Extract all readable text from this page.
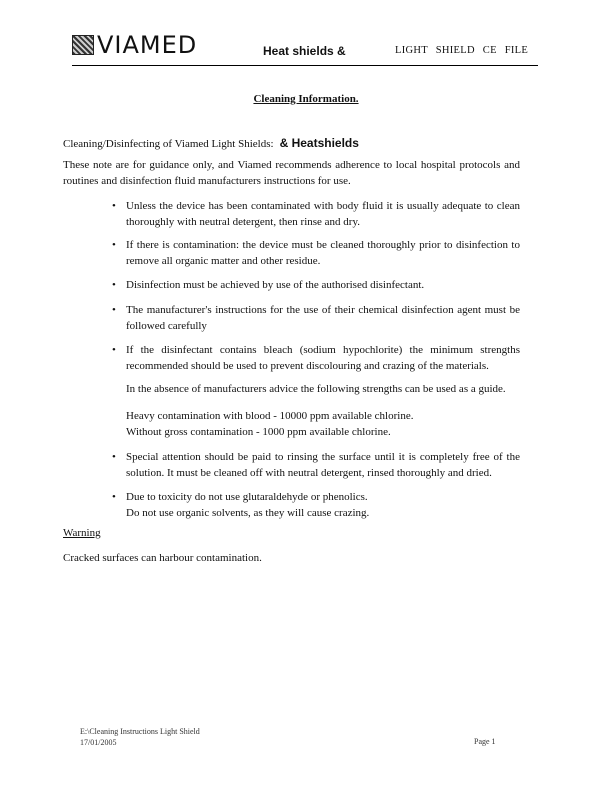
VIAMED	Heat shields &	LIGHT SHIELD CE FILE
Cleaning Information.
Cleaning/Disinfecting of Viamed Light Shields: & Heatshields
These note are for guidance only, and Viamed recommends adherence to local hospital protocols and routines and disinfection fluid manufacturers instructions for use.
• Unless the device has been contaminated with body fluid it is usually adequate to clean thoroughly with neutral detergent, then rinse and dry.
• If there is contamination: the device must be cleaned thoroughly prior to disinfection to remove all organic matter and other residue.
• Disinfection must be achieved by use of the authorised disinfectant.
• The manufacturer's instructions for the use of their chemical disinfection agent must be followed carefully
• If the disinfectant contains bleach (sodium hypochlorite) the minimum strengths recommended should be used to prevent discolouring and crazing of the materials.
In the absence of manufacturers advice the following strengths can be used as a guide.
Heavy contamination with blood - 10000 ppm available chlorine.
Without gross contamination - 1000 ppm available chlorine.
• Special attention should be paid to rinsing the surface until it is completely free of the solution. It must be cleaned off with neutral detergent, rinsed thoroughly and dried.
• Due to toxicity do not use glutaraldehyde or phenolics.
Do not use organic solvents, as they will cause crazing.
Warning
Cracked surfaces can harbour contamination.
E:\Cleaning Instructions Light Shield
17/01/2005	Page 1
